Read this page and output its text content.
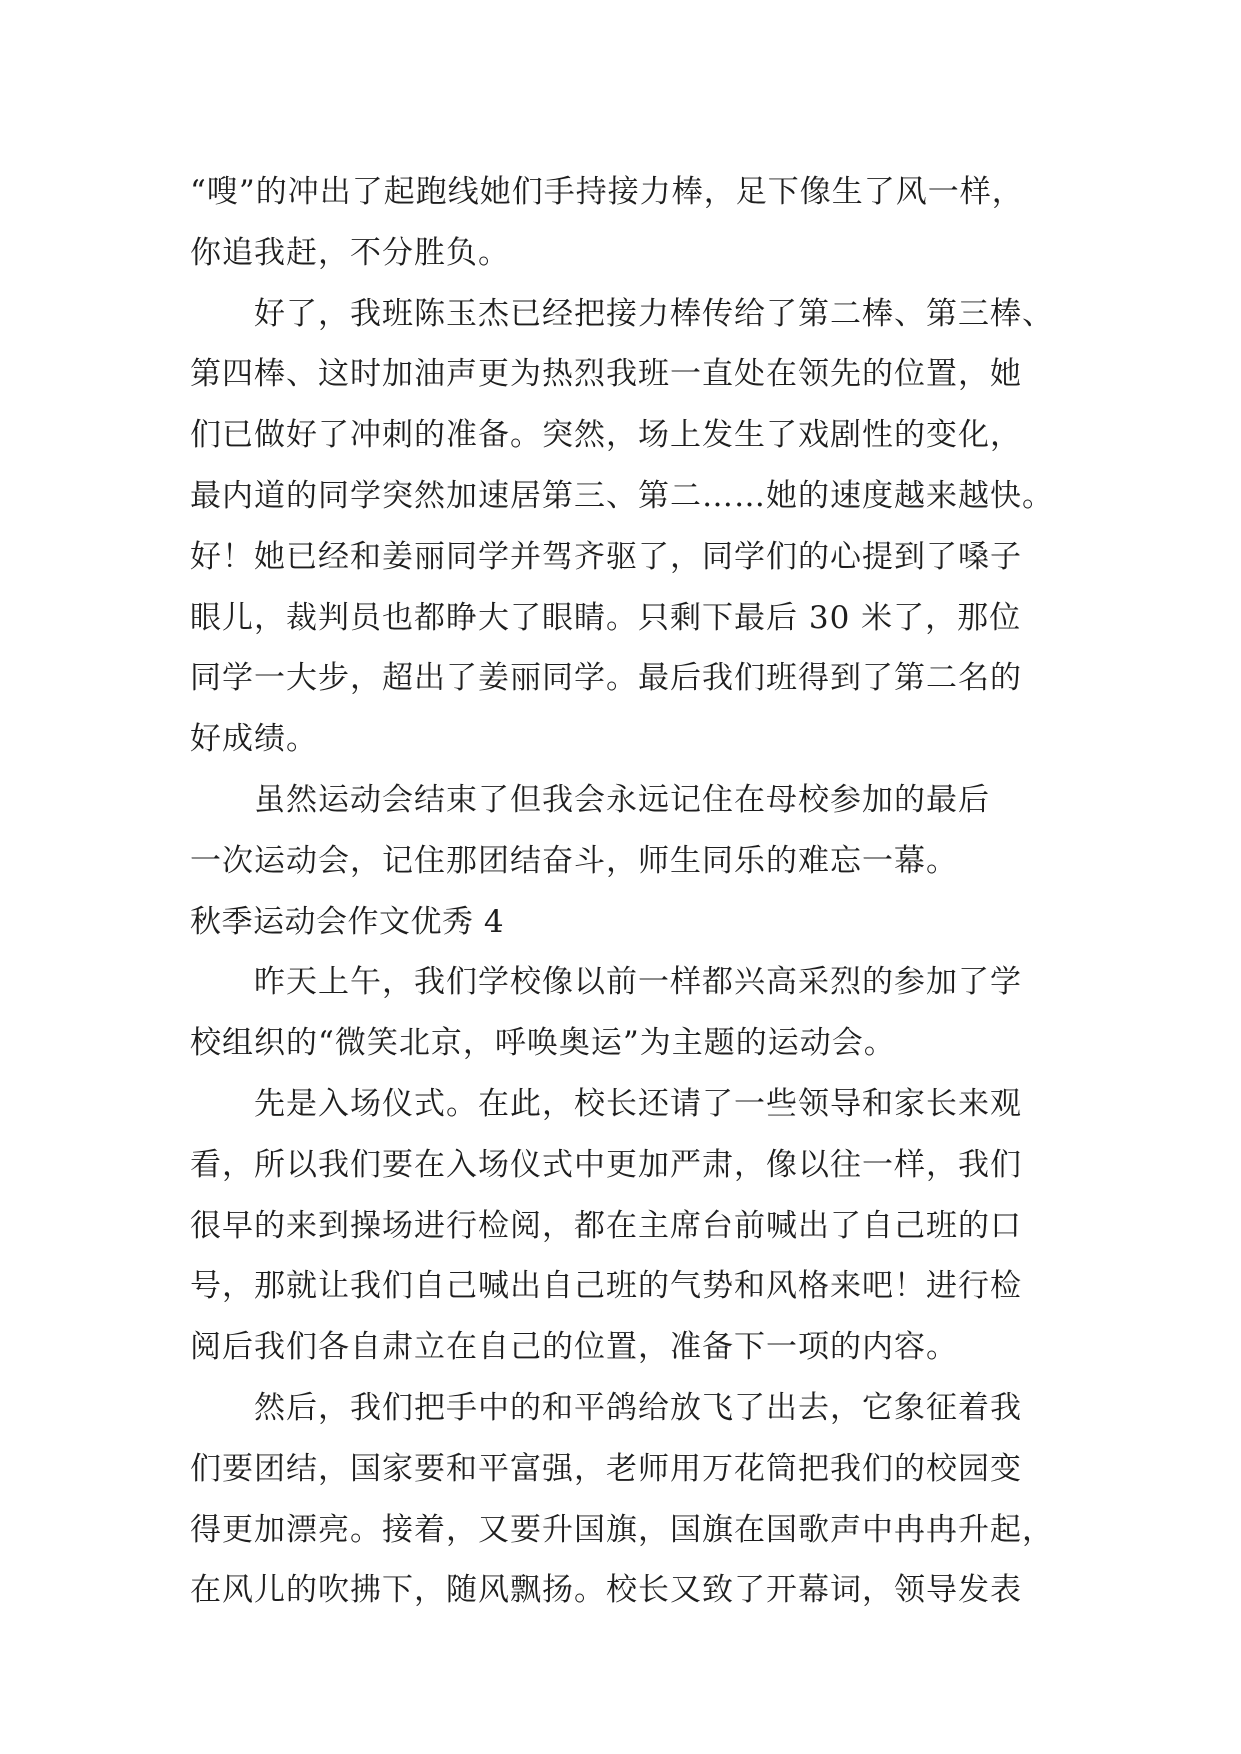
“嗖”的冲出了起跑线她们手持接力棒，足下像生了风一样，
你追我赶，不分胜负。
好了，我班陈玉杰已经把接力棒传给了第二棒、第三棒、
第四棒、这时加油声更为热烈我班一直处在领先的位置，她
们已做好了冲刺的准备。突然，场上发生了戏剧性的变化，
最内道的同学突然加速居第三、第二……她的速度越来越快。
好！她已经和姜丽同学并驾齐驱了，同学们的心提到了嗓子
眼儿，裁判员也都睁大了眼睛。只剩下最后 30 米了，那位
同学一大步，超出了姜丽同学。最后我们班得到了第二名的
好成绩。
虽然运动会结束了但我会永远记住在母校参加的最后
一次运动会，记住那团结奋斗，师生同乐的难忘一幕。
秋季运动会作文优秀 4
昨天上午，我们学校像以前一样都兴高采烈的参加了学
校组织的“微笑北京，呼唤奥运”为主题的运动会。
先是入场仪式。在此，校长还请了一些领导和家长来观
看，所以我们要在入场仪式中更加严肃，像以往一样，我们
很早的来到操场进行检阅，都在主席台前喊出了自己班的口
号，那就让我们自己喊出自己班的气势和风格来吧！进行检
阅后我们各自肃立在自己的位置，准备下一项的内容。
然后，我们把手中的和平鸽给放飞了出去，它象征着我
们要团结，国家要和平富强，老师用万花筒把我们的校园变
得更加漂亮。接着，又要升国旗，国旗在国歌声中冉冉升起，
在风儿的吹拂下，随风飘扬。校长又致了开幕词，领导发表
